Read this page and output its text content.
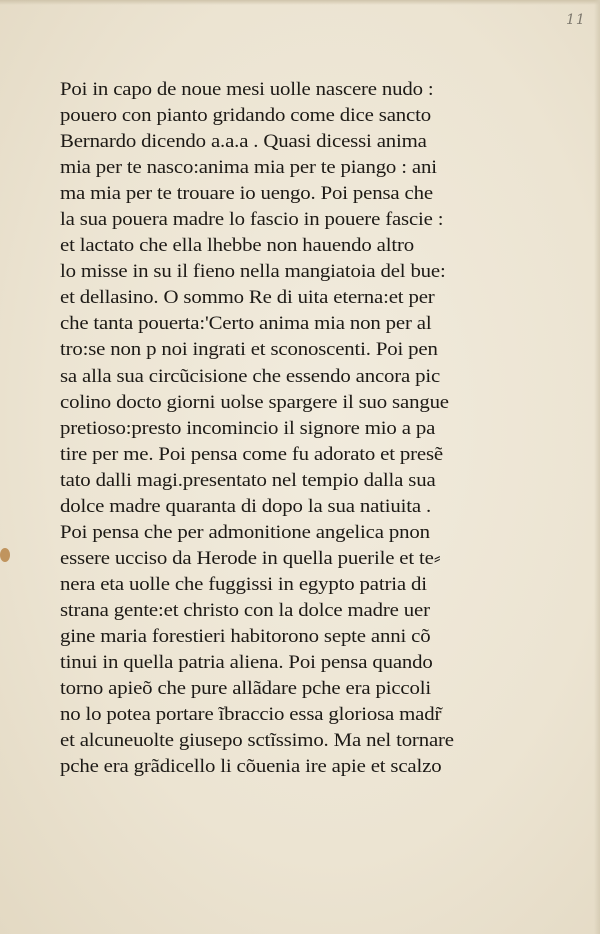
11
Poi in capo de noue mesi uolle nascere nudo :
pouero con pianto gridando come dice sancto
Bernardo dicendo a.a.a . Quasi dicessi anima
mia per te nasco:anima mia per te piango : ani
ma mia per te trouare io uengo. Poi pensa che
la sua pouera madre lo fascio in pouere fascie :
et lactato che ella lhebbe non hauendo altro
lo misse in su il fieno nella mangiatoia del bue:
et dellasino. O sommo Re di uita eterna:et per
che tanta pouerta:'Certo anima mia non per al
tro:se non p noi ingrati et sconoscenti. Poi pen
sa alla sua circũcisione che essendo ancora pic
colino docto giorni uolse spargere il suo sangue
pretioso:presto incomincio il signore mio a pa
tire per me. Poi pensa come fu adorato et presẽ
tato dalli magi.presentato nel tempio dalla sua
dolce madre quaranta di dopo la sua natiuita .
Poi pensa che per admonitione angelica pnon
essere ucciso da Herode in quella puerile et te⸗
nera eta uolle che fuggissi in egypto patria di
strana gente:et christo con la dolce madre uer
gine maria forestieri habitorono septe anni cõ
tinui in quella patria aliena. Poi pensa quando
torno apieõ che pure allãdare pche era piccoli
no lo potea portare ĩbraccio essa gloriosa madr̃
et alcuneuolte giusepo sctĩssimo. Ma nel tornare
pche era grãdicello li cõuenia ire apie et scalzo
